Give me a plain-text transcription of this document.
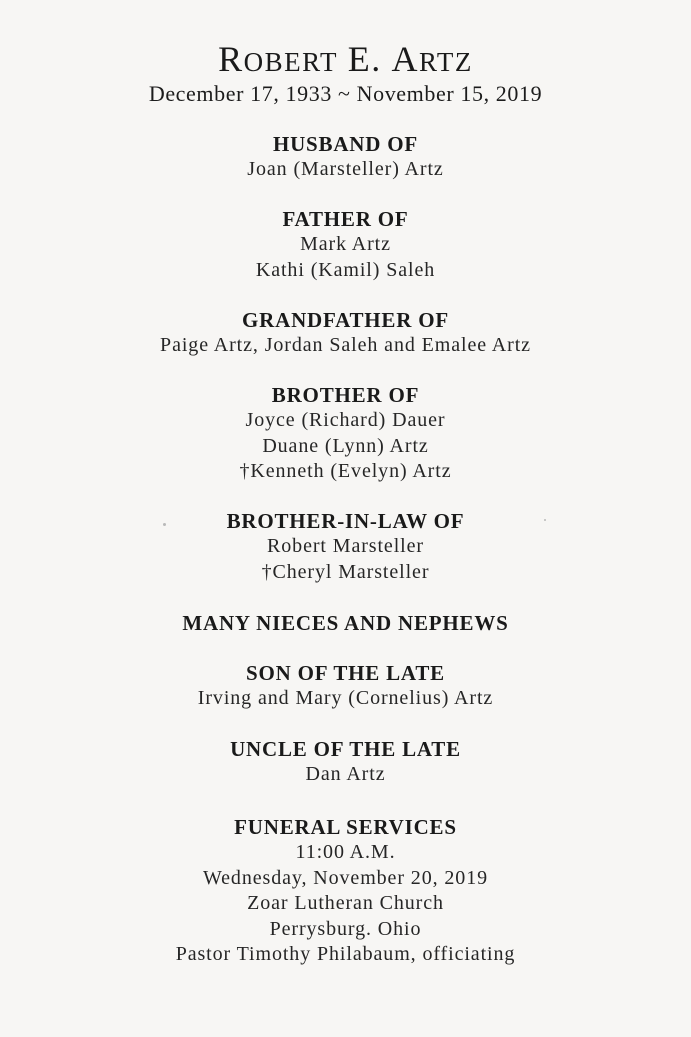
ROBERT E. ARTZ
December 17, 1933 ~ November 15, 2019
HUSBAND OF
Joan (Marsteller) Artz
FATHER OF
Mark Artz
Kathi (Kamil) Saleh
GRANDFATHER OF
Paige Artz, Jordan Saleh and Emalee Artz
BROTHER OF
Joyce (Richard) Dauer
Duane (Lynn) Artz
†Kenneth (Evelyn) Artz
BROTHER-IN-LAW OF
Robert Marsteller
†Cheryl Marsteller
MANY NIECES AND NEPHEWS
SON OF THE LATE
Irving and Mary (Cornelius) Artz
UNCLE OF THE LATE
Dan Artz
FUNERAL SERVICES
11:00 A.M.
Wednesday, November 20, 2019
Zoar Lutheran Church
Perrysburg. Ohio
Pastor Timothy Philabaum, officiating
